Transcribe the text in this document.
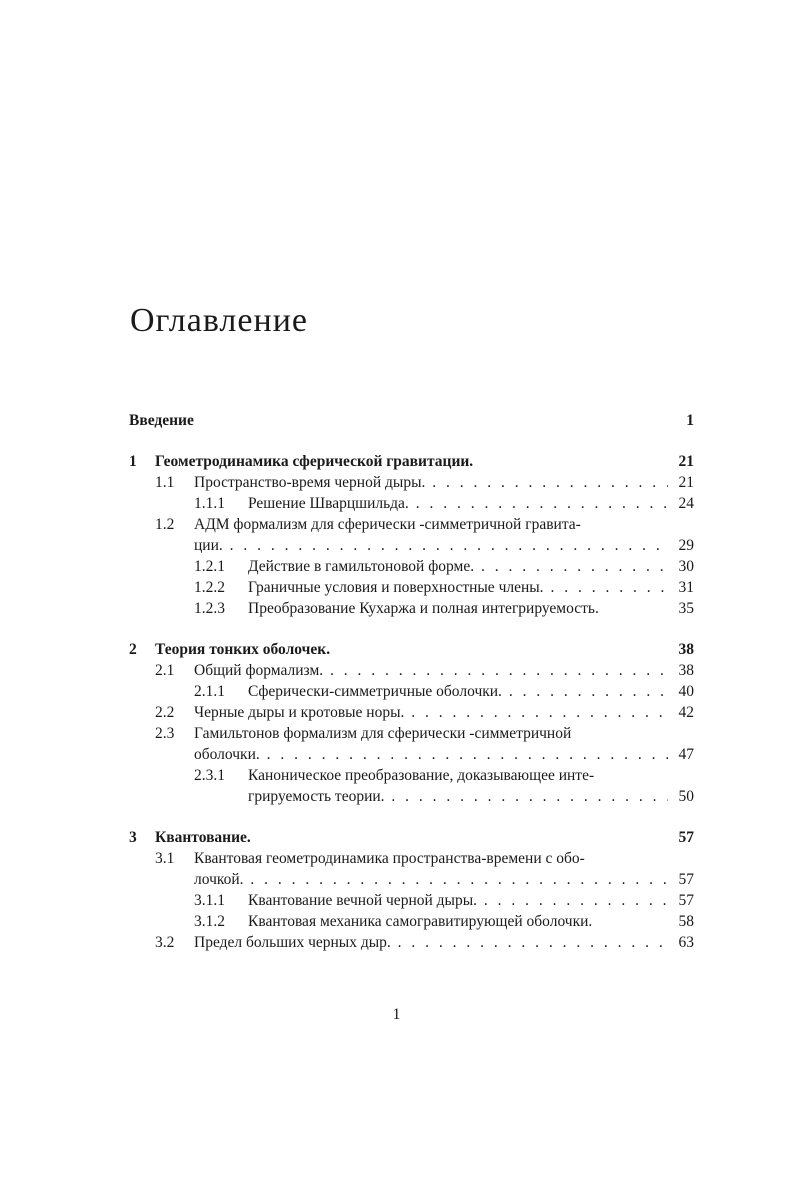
Оглавление
Введение	1
1	Геометродинамика сферической гравитации.	21
1.1	Пространство-время черной дыры. . . .	21
1.1.1	Решение Шварцшильда. . . .	24
1.2	АДМ формализм для сферически -симметричной гравита-
ции. . . .	29
1.2.1	Действие в гамильтоновой форме. . . .	30
1.2.2	Граничные условия и поверхностные члены. . . .	31
1.2.3	Преобразование Кухаржа и полная интегрируемость.	35
2	Теория тонких оболочек.	38
2.1	Общий формализм. . . .	38
2.1.1	Сферически-симметричные оболочки. . . .	40
2.2	Черные дыры и кротовые норы. . . .	42
2.3	Гамильтонов формализм для сферически -симметричной
оболочки. . . .	47
2.3.1	Каноническое преобразование, доказывающее инте-
грируемость теории. . . .	50
3	Квантование.	57
3.1	Квантовая геометродинамика пространства-времени с обо-
лочкой. . . .	57
3.1.1	Квантование вечной черной дыры. . . .	57
3.1.2	Квантовая механика самогравитирующей оболочки.	58
3.2	Предел больших черных дыр. . . .	63
1
